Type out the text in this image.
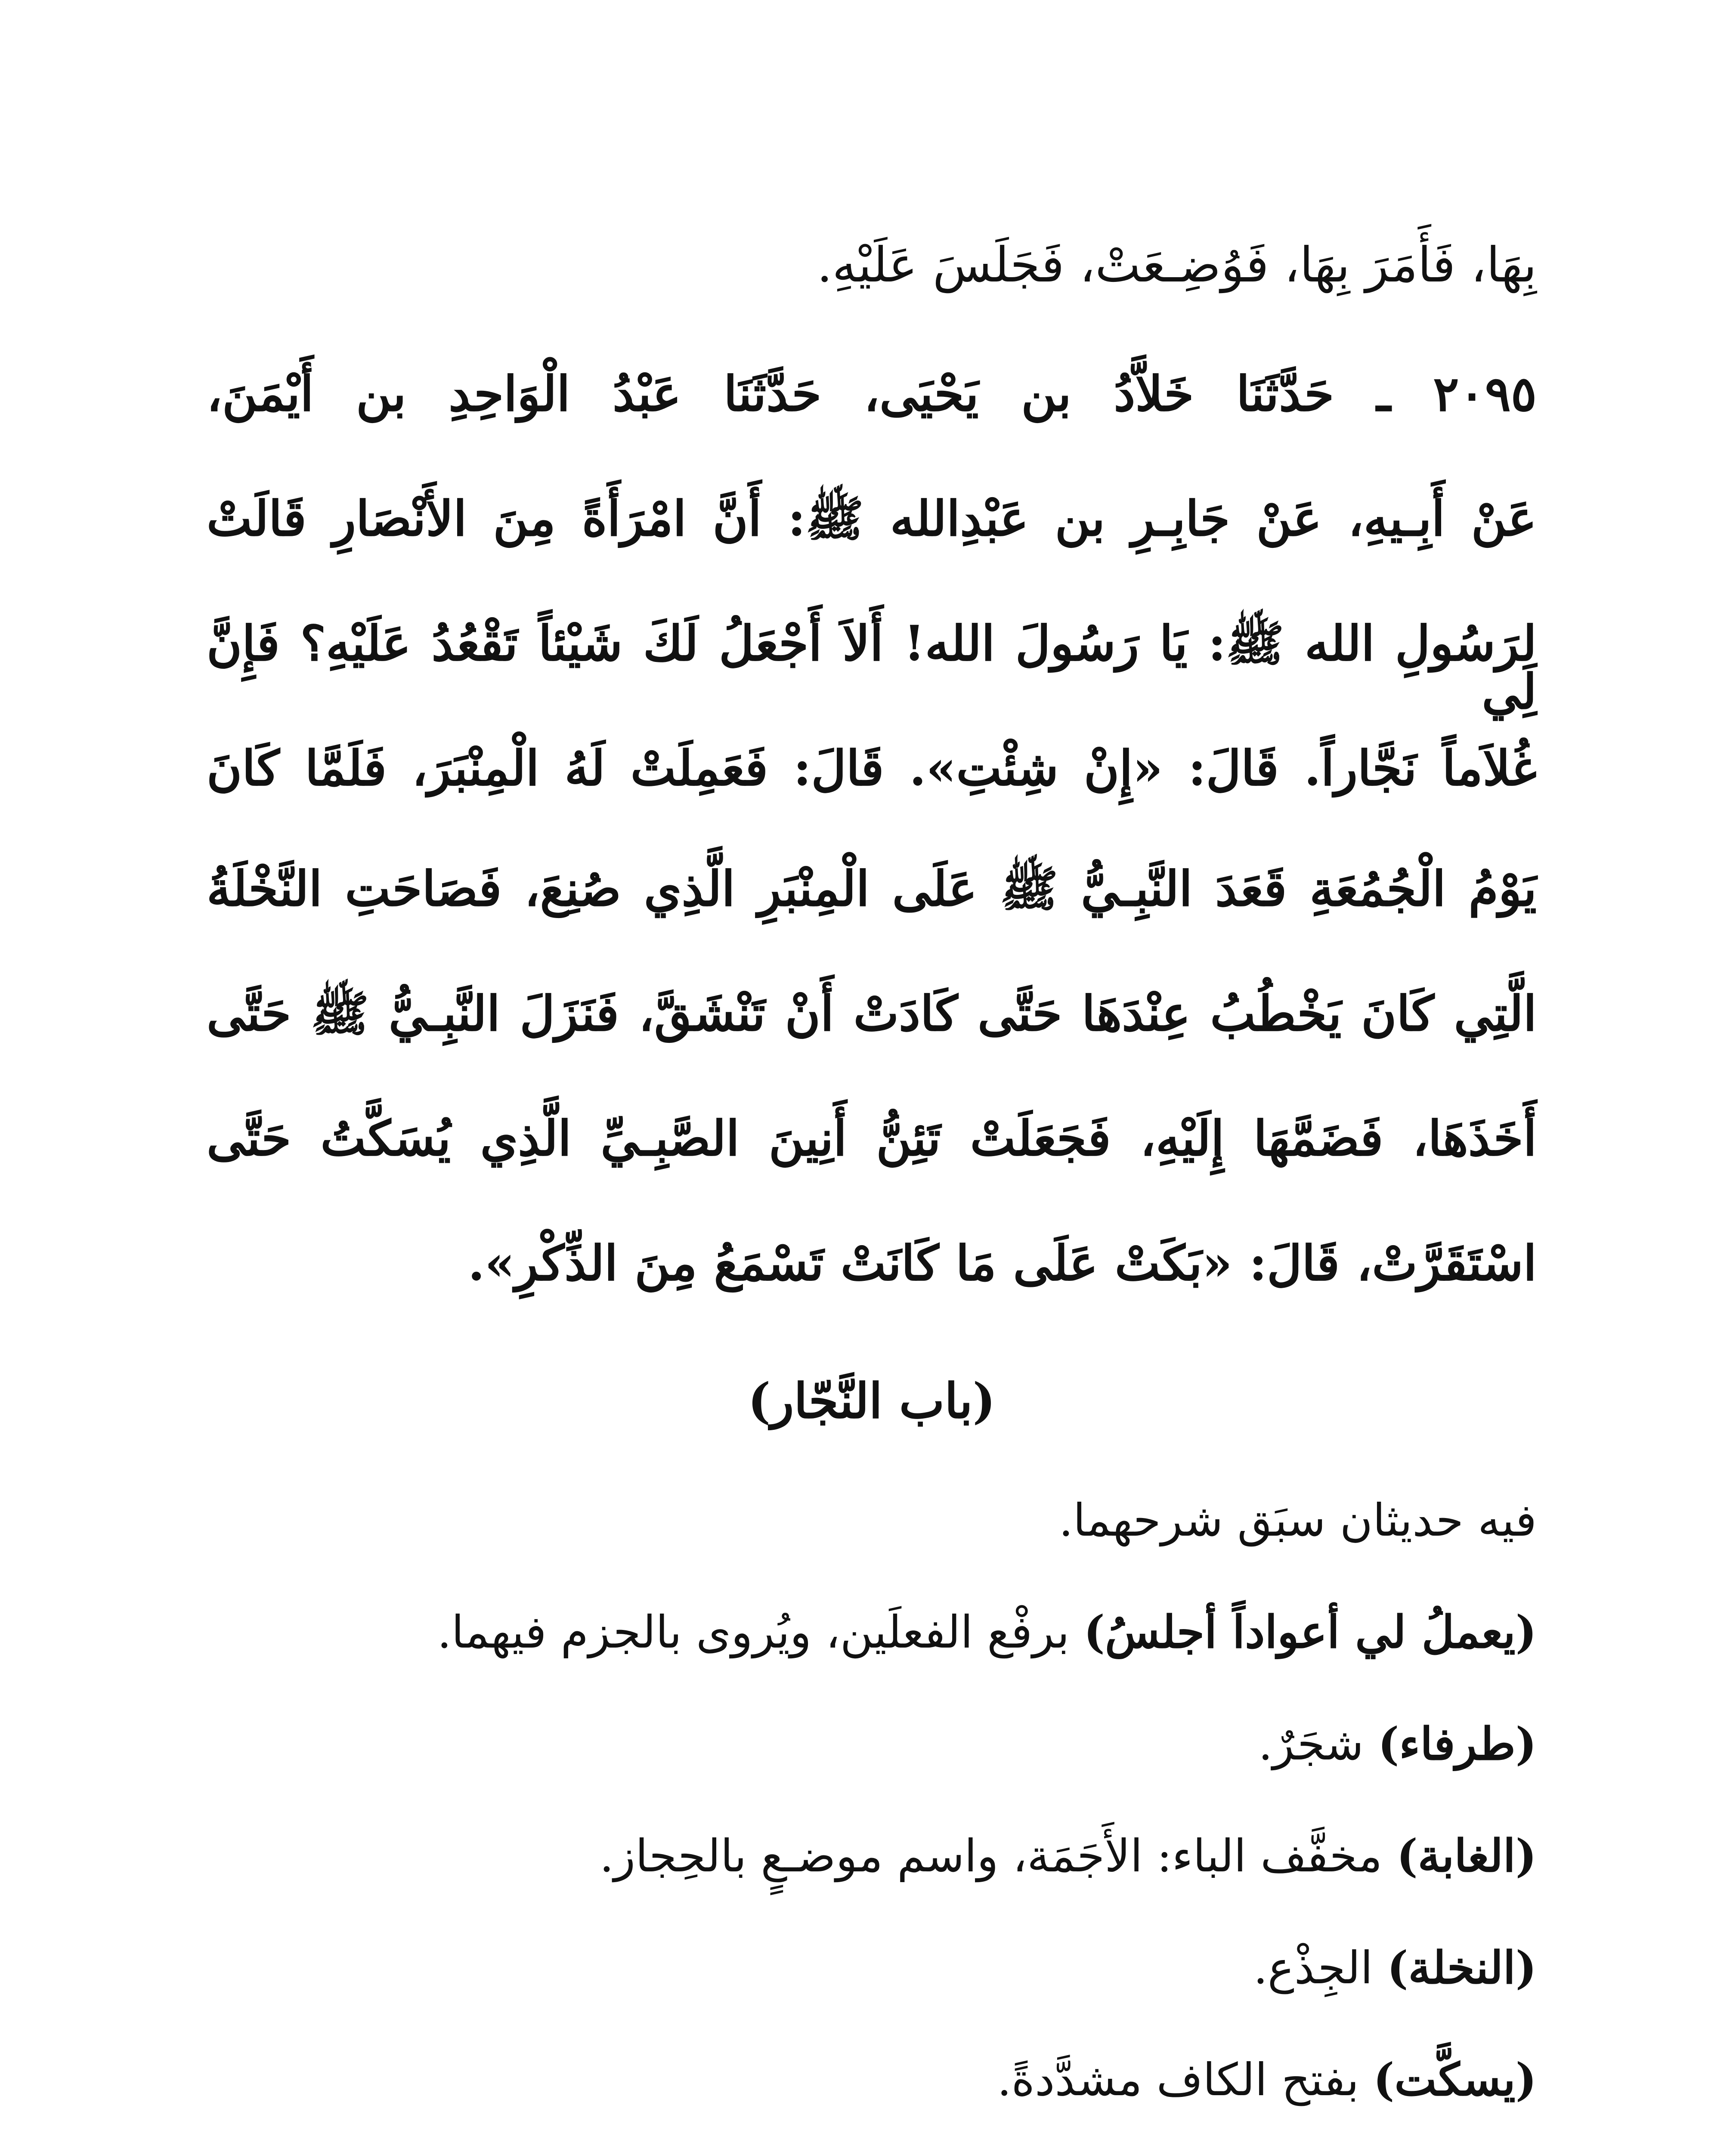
بِهَا، فَأَمَرَ بِهَا، فَوُضِـعَتْ، فَجَلَسَ عَلَيْهِ.
٢٠٩٥ ـ حَدَّثَنَا خَلاَّدُ بن يَحْيَى، حَدَّثَنَا عَبْدُ الْوَاحِدِ بن أَيْمَنَ،
عَنْ أَبِـيهِ، عَنْ جَابِـرِ بن عَبْدِالله ﷺ: أَنَّ امْرَأَةً مِنَ الأَنْصَارِ قَالَتْ
لِرَسُولِ الله ﷺ: يَا رَسُولَ الله! أَلاَ أَجْعَلُ لَكَ شَيْئاً تَقْعُدُ عَلَيْهِ؟ فَإِنَّ لِي
غُلاَماً نَجَّاراً. قَالَ: «إِنْ شِئْتِ». قَالَ: فَعَمِلَتْ لَهُ الْمِنْبَرَ، فَلَمَّا كَانَ
يَوْمُ الْجُمُعَةِ قَعَدَ النَّبِـيُّ ﷺ عَلَى الْمِنْبَرِ الَّذِي صُنِعَ، فَصَاحَتِ النَّخْلَةُ
الَّتِي كَانَ يَخْطُبُ عِنْدَهَا حَتَّى كَادَتْ أَنْ تَنْشَقَّ، فَنَزَلَ النَّبِـيُّ ﷺ حَتَّى
أَخَذَهَا، فَضَمَّهَا إِلَيْهِ، فَجَعَلَتْ تَئِنُّ أَنِينَ الصَّبِـيِّ الَّذِي يُسَكَّتُ حَتَّى
اسْتَقَرَّتْ، قَالَ: «بَكَتْ عَلَى مَا كَانَتْ تَسْمَعُ مِنَ الذِّكْرِ».
(باب النَّجّار)
فيه حديثان سبَق شرحهما.
(يعملُ لي أعواداً أجلسُ) برفْع الفعلَين، ويُروى بالجزم فيهما.
(طرفاء) شجَرٌ.
(الغابة) مخفَّف الباء: الأَجَمَة، واسم موضـعٍ بالحِجاز.
(النخلة) الجِذْع.
(يسكَّت) بفتح الكاف مشدَّدةً.
